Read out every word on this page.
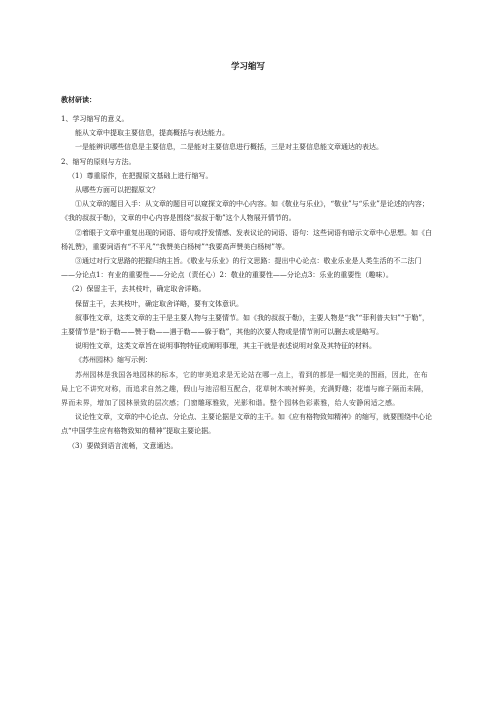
学习缩写
教材研读：

1、学习缩写的意义。

能从文章中提取主要信息，提高概括与表达能力。

一是能辨识哪些信息是主要信息，二是能对主要信息进行概括，三是对主要信息能文章通达的表达。

2、缩写的原则与方法。

（1）尊重原作，在把握原文基础上进行缩写。

从哪些方面可以把握原文？

①从文章的题目入手：从文章的题目可以窥探文章的中心内容。如《敬业与乐业》，“敬业”与“乐业”是论述的内容；《我的叔叔于勒》，文章的中心内容是围绕“叔叔于勒”这个人物展开情节的。

②着眼于文章中重复出现的词语、语句或抒发情感、发表议论的词语、语句：这些词语有暗示文章中心思想。如《白杨礼赞》，重要词语有“不平凡”“我赞美白杨树”“我要高声赞美白杨树”等。

③通过对行文思路的把握归纳主旨。《敬业与乐业》的行文思路：提出中心论点：敬业乐业是人类生活的不二法门——分论点1：有业的重要性——分论点（责任心）2：敬业的重要性——分论点3：乐业的重要性（趣味）。

（2）保留主干，去其枝叶，确定取舍详略。

保留主干，去其枝叶，确定取舍详略，要有文体意识。

叙事性文章，这类文章的主干是主要人物与主要情节。如《我的叔叔于勒》，主要人物是“我”“菲利普夫妇”“于勒”，主要情节是“盼于勒——赞于勒——遇于勒——躲于勒”，其他的次要人物或是情节则可以删去或是略写。

说明性文章，这类文章旨在说明事物特征或阐明事理，其主干就是表述说明对象及其特征的材料。

《苏州园林》缩写示例：

苏州园林是我国各地园林的标本，它的审美追求是无论站在哪一点上，看到的都是一幅完美的图画，因此，在布局上它不讲究对称，而追求自然之趣，假山与池沼相互配合，花草树木映衬鲜美，充满野趣；花墙与廊子隔而未隔，界而未界，增加了园林景致的层次感；门窗雕琢雅致，光影和谐。整个园林色彩素雅，给人安静闲适之感。

议论性文章，文章的中心论点、分论点、主要论据是文章的主干。如《应有格物致知精神》的缩写，就要围绕中心论点“中国学生应有格物致知的精神”提取主要论据。

（3）要做到语言流畅，文意通达。
